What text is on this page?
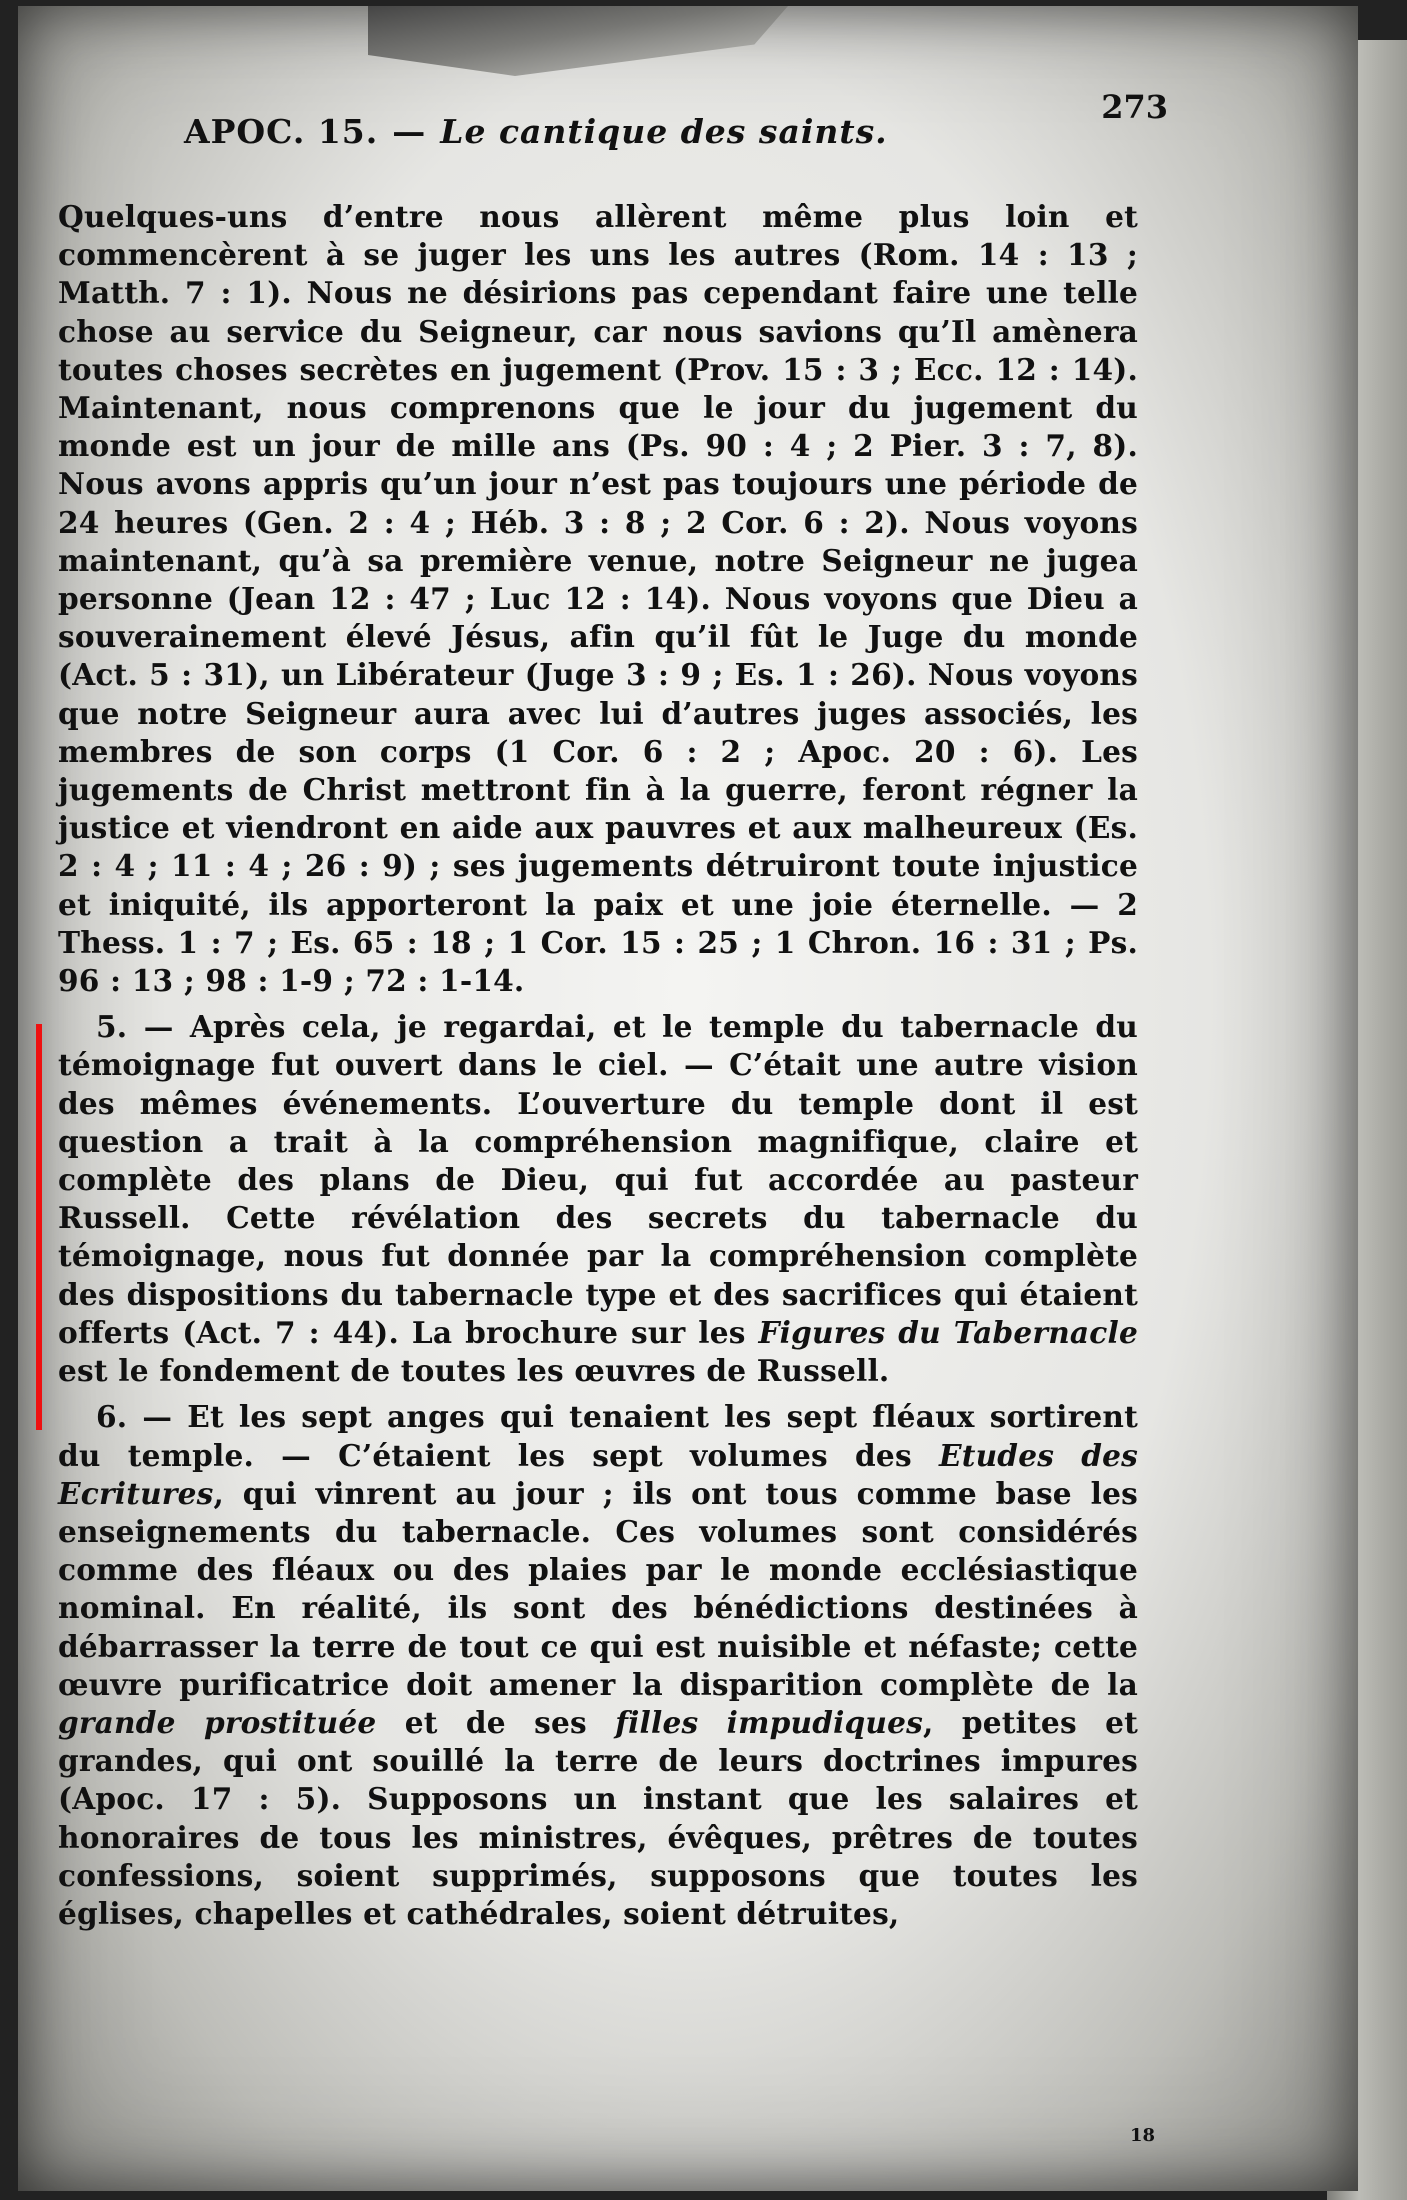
APOC. 15. — Le cantique des saints.
273

Quelques-uns d’entre nous allèrent même plus loin et commencèrent à se juger les uns les autres (Rom. 14 : 13 ; Matth. 7 : 1). Nous ne désirions pas cependant faire une telle chose au service du Seigneur, car nous savions qu’Il amènera toutes choses secrètes en jugement (Prov. 15 : 3 ; Ecc. 12 : 14). Maintenant, nous comprenons que le jour du jugement du monde est un jour de mille ans (Ps. 90 : 4 ; 2 Pier. 3 : 7, 8). Nous avons appris qu’un jour n’est pas toujours une période de 24 heures (Gen. 2 : 4 ; Héb. 3 : 8 ; 2 Cor. 6 : 2). Nous voyons maintenant, qu’à sa première venue, notre Seigneur ne jugea personne (Jean 12 : 47 ; Luc 12 : 14). Nous voyons que Dieu a souverainement élevé Jésus, afin qu’il fût le Juge du monde (Act. 5 : 31), un Libérateur (Juge 3 : 9 ; Es. 1 : 26). Nous voyons que notre Seigneur aura avec lui d’autres juges associés, les membres de son corps (1 Cor. 6 : 2 ; Apoc. 20 : 6). Les jugements de Christ mettront fin à la guerre, feront régner la justice et viendront en aide aux pauvres et aux malheureux (Es. 2 : 4 ; 11 : 4 ; 26 : 9) ; ses jugements détruiront toute injustice et iniquité, ils apporteront la paix et une joie éternelle. — 2 Thess. 1 : 7 ; Es. 65 : 18 ; 1 Cor. 15 : 25 ; 1 Chron. 16 : 31 ; Ps. 96 : 13 ; 98 : 1-9 ; 72 : 1-14.

5. — Après cela, je regardai, et le temple du tabernacle du témoignage fut ouvert dans le ciel. — C’était une autre vision des mêmes événements. L’ouverture du temple dont il est question a trait à la compréhension magnifique, claire et complète des plans de Dieu, qui fut accordée au pasteur Russell. Cette révélation des secrets du tabernacle du témoignage, nous fut donnée par la compréhension complète des dispositions du tabernacle type et des sacrifices qui étaient offerts (Act. 7 : 44). La brochure sur les Figures du Tabernacle est le fondement de toutes les œuvres de Russell.

6. — Et les sept anges qui tenaient les sept fléaux sortirent du temple. — C’étaient les sept volumes des Etudes des Ecritures, qui vinrent au jour ; ils ont tous comme base les enseignements du tabernacle. Ces volumes sont considérés comme des fléaux ou des plaies par le monde ecclésiastique nominal. En réalité, ils sont des bénédictions destinées à débarrasser la terre de tout ce qui est nuisible et néfaste; cette œuvre purificatrice doit amener la disparition complète de la grande prostituée et de ses filles impudiques, petites et grandes, qui ont souillé la terre de leurs doctrines impures (Apoc. 17 : 5). Supposons un instant que les salaires et honoraires de tous les ministres, évêques, prêtres de toutes confessions, soient supprimés, supposons que toutes les églises, chapelles et cathédrales, soient détruites,

18
